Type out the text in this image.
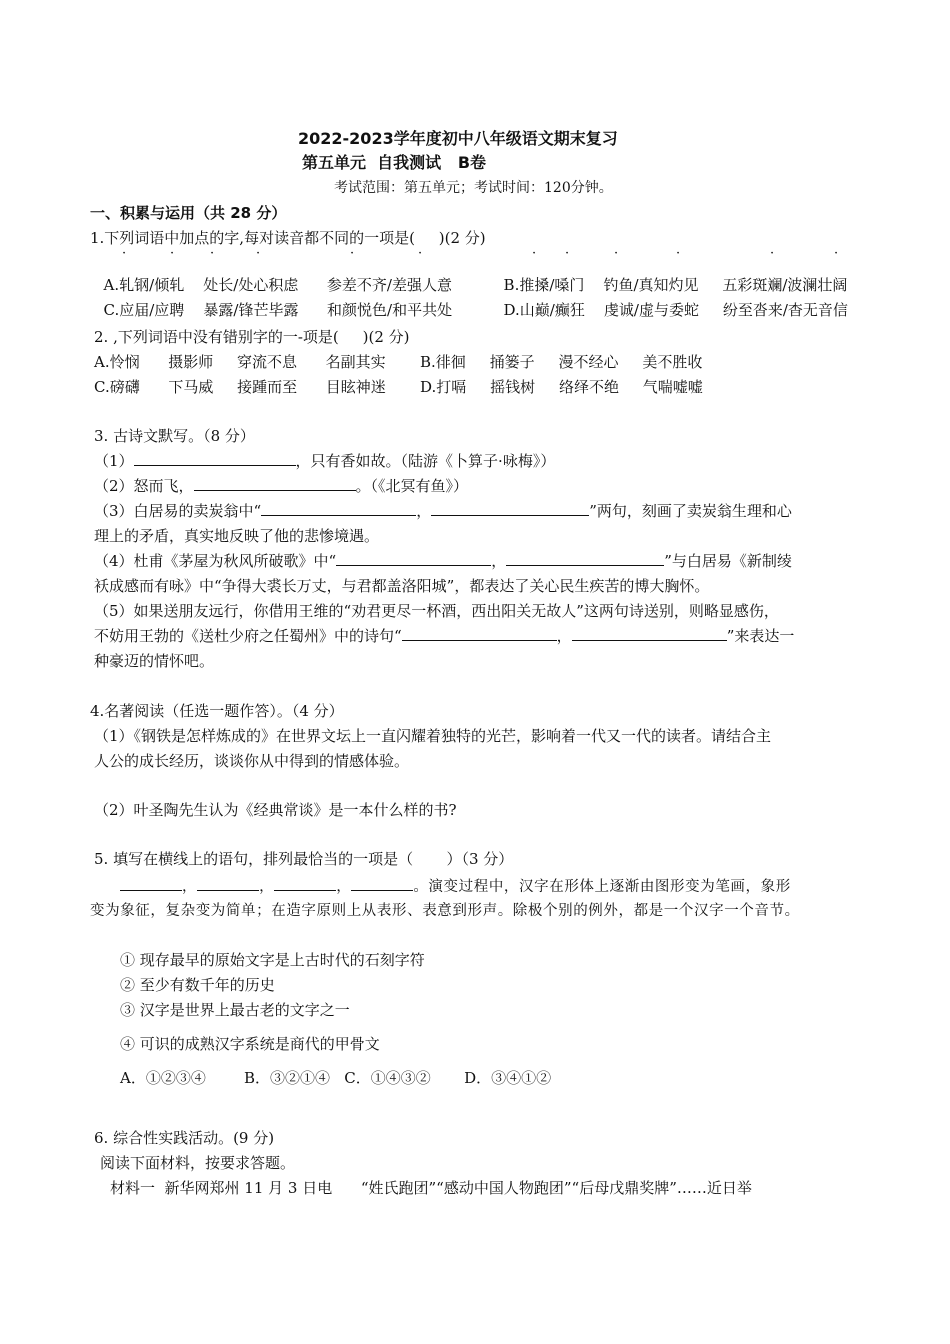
2022-2023学年度初中八年级语文期末复习
第五单元  自我测试   B卷
考试范围：第五单元；考试时间：120分钟。
一、积累与运用（共 28 分）
1.下列词语中加点的字,每对读音都不同的一项是(     )(2 分)

A.轧钢/倾轧    处长/处心积虑      参差不齐/差强人意	B.推搡/嗓门    钓鱼/真知灼见     五彩斑斓/波澜壮阔

C.应届/应聘    暴露/锋芒毕露      和颜悦色/和平共处	D.山巅/癫狂    虔诚/虚与委蛇     纷至沓来/杳无音信

·	·	·	·	·	·	· ·	·	·	·	·
2. ,下列词语中没有错别字的一-项是(     )(2 分)
A.怜悯      摄影师     穿流不息      名副其实 B.徘徊     捅篓子     漫不经心     美不胜收
C.磅礴      下马威     接踵而至      目眩神迷 D.打嗝     摇钱树     络绎不绝     气喘嘘嘘
3. 古诗文默写。（8 分）
（1）	，只有香如故。（陆游《卜算子·咏梅》）
（2）怒而飞，	。（《北冥有鱼》）
（3）白居易的卖炭翁中“	，	”两句，刻画了卖炭翁生理和心
理上的矛盾，真实地反映了他的悲惨境遇。
（4）杜甫《茅屋为秋风所破歌》中“	，	”与白居易《新制绫
袄成感而有咏》中“争得大裘长万丈，与君都盖洛阳城”，都表达了关心民生疾苦的博大胸怀。
（5）如果送朋友远行，你借用王维的“劝君更尽一杯酒，西出阳关无故人”这两句诗送别，则略显感伤，
不妨用王勃的《送杜少府之任蜀州》中的诗句“	，	”来表达一
种豪迈的情怀吧。
4.名著阅读（任选一题作答）。（4 分）
（1）《钢铁是怎样炼成的》在世界文坛上一直闪耀着独特的光芒，影响着一代又一代的读者。请结合主
人公的成长经历，谈谈你从中得到的情感体验。
（2）叶圣陶先生认为《经典常谈》是一本什么样的书?
5. 填写在横线上的语句，排列最恰当的一项是（       ）（3 分）
，	，	，	。演变过程中，汉字在形体上逐渐由图形变为笔画，象形
变为象征，复杂变为简单；在造字原则上从表形、表意到形声。除极个别的例外，都是一个汉字一个音节。
① 现存最早的原始文字是上古时代的石刻字符
② 至少有数千年的历史
③ 汉字是世界上最古老的文字之一
④ 可识的成熟汉字系统是商代的甲骨文
A．①②③④        B．③②①④   C．①④③②       D．③④①②
6. 综合性实践活动。(9 分)
阅读下面材料，按要求答题。
材料一  新华网郑州 11 月 3 日电      “姓氏跑团”“感动中国人物跑团”“后母戊鼎奖牌”……近日举
